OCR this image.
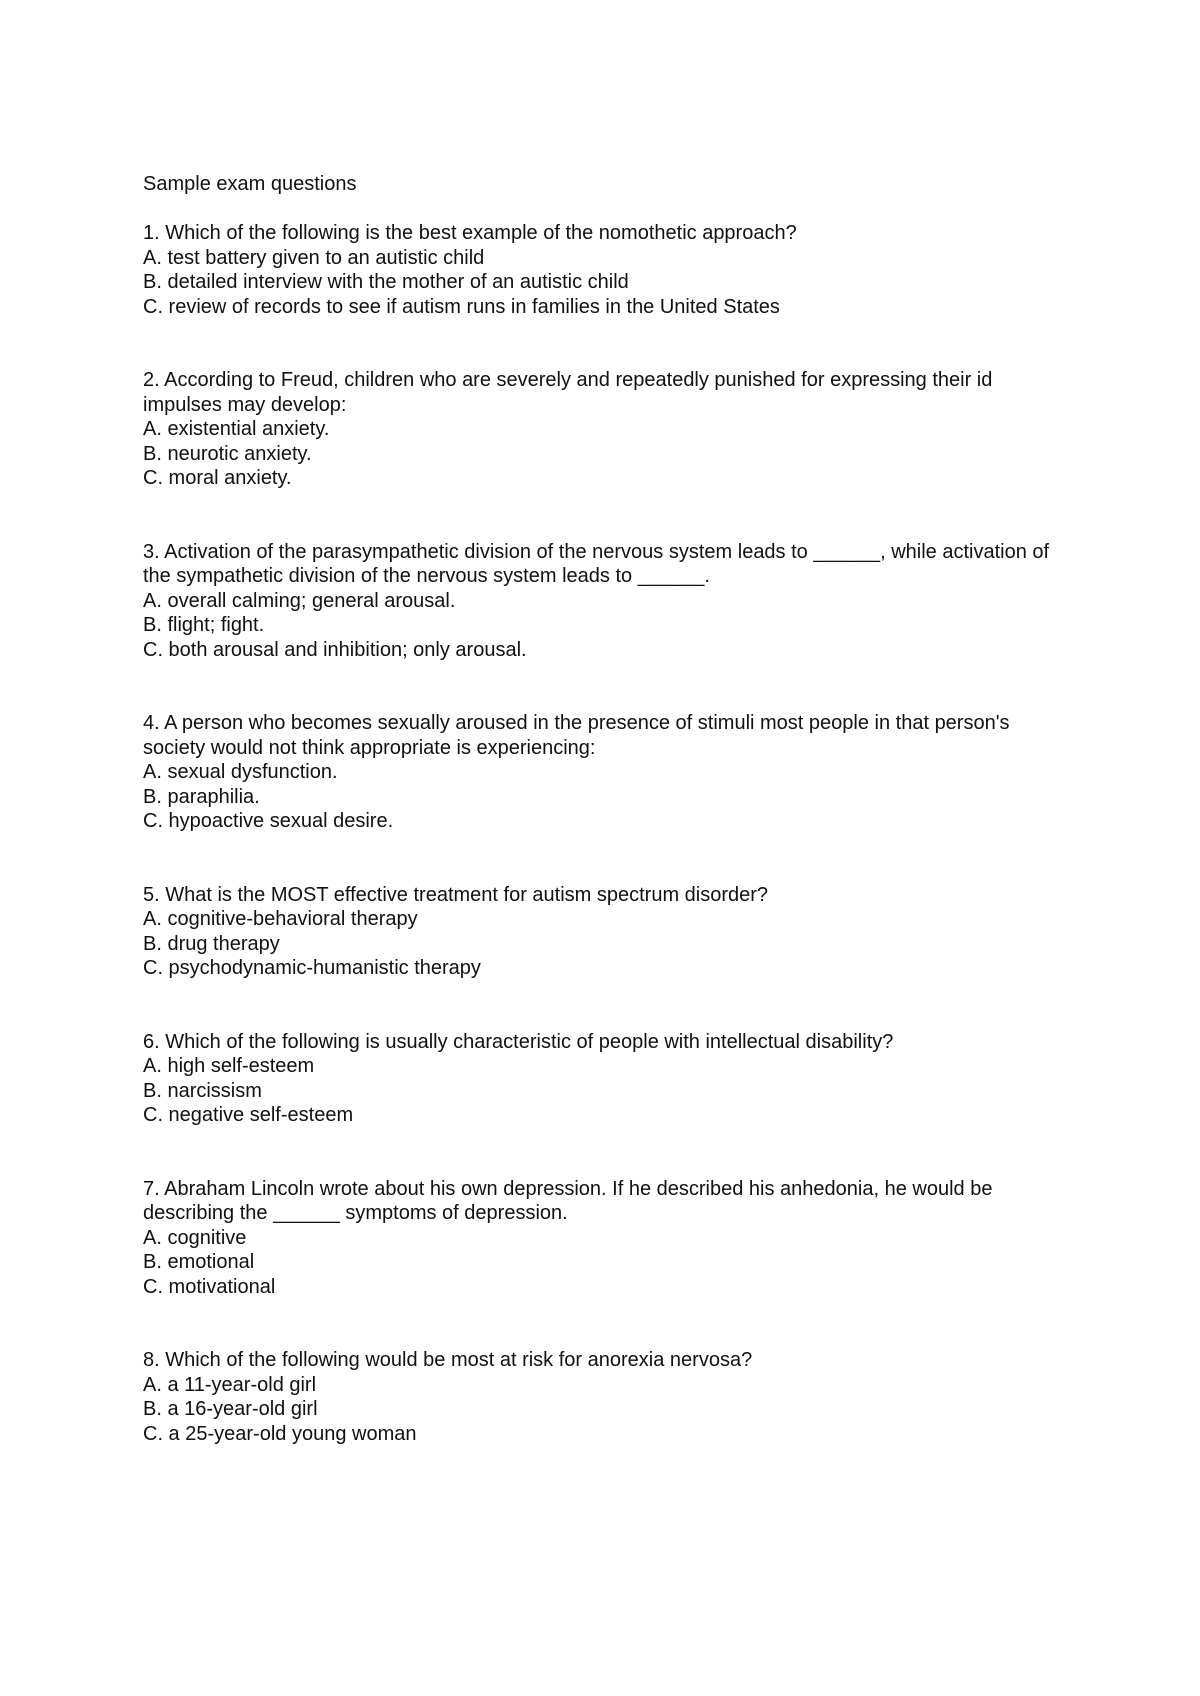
Sample exam questions

1. Which of the following is the best example of the nomothetic approach?

A. test battery given to an autistic child

B. detailed interview with the mother of an autistic child

C. review of records to see if autism runs in families in the United States

2. According to Freud, children who are severely and repeatedly punished for expressing their id impulses may develop:

A. existential anxiety.

B. neurotic anxiety.

C. moral anxiety.

3. Activation of the parasympathetic division of the nervous system leads to ______, while activation of the sympathetic division of the nervous system leads to ______.

A. overall calming; general arousal.

B. flight; fight.

C. both arousal and inhibition; only arousal.

4. A person who becomes sexually aroused in the presence of stimuli most people in that person's society would not think appropriate is experiencing:

A. sexual dysfunction.

B. paraphilia.

C. hypoactive sexual desire.

5. What is the MOST effective treatment for autism spectrum disorder?

A. cognitive-behavioral therapy

B. drug therapy

C. psychodynamic-humanistic therapy

6. Which of the following is usually characteristic of people with intellectual disability?

A. high self-esteem

B. narcissism

C. negative self-esteem

7. Abraham Lincoln wrote about his own depression. If he described his anhedonia, he would be describing the ______ symptoms of depression.

A. cognitive

B. emotional

C. motivational

8. Which of the following would be most at risk for anorexia nervosa?

A. a 11-year-old girl

B. a 16-year-old girl

C. a 25-year-old young woman
